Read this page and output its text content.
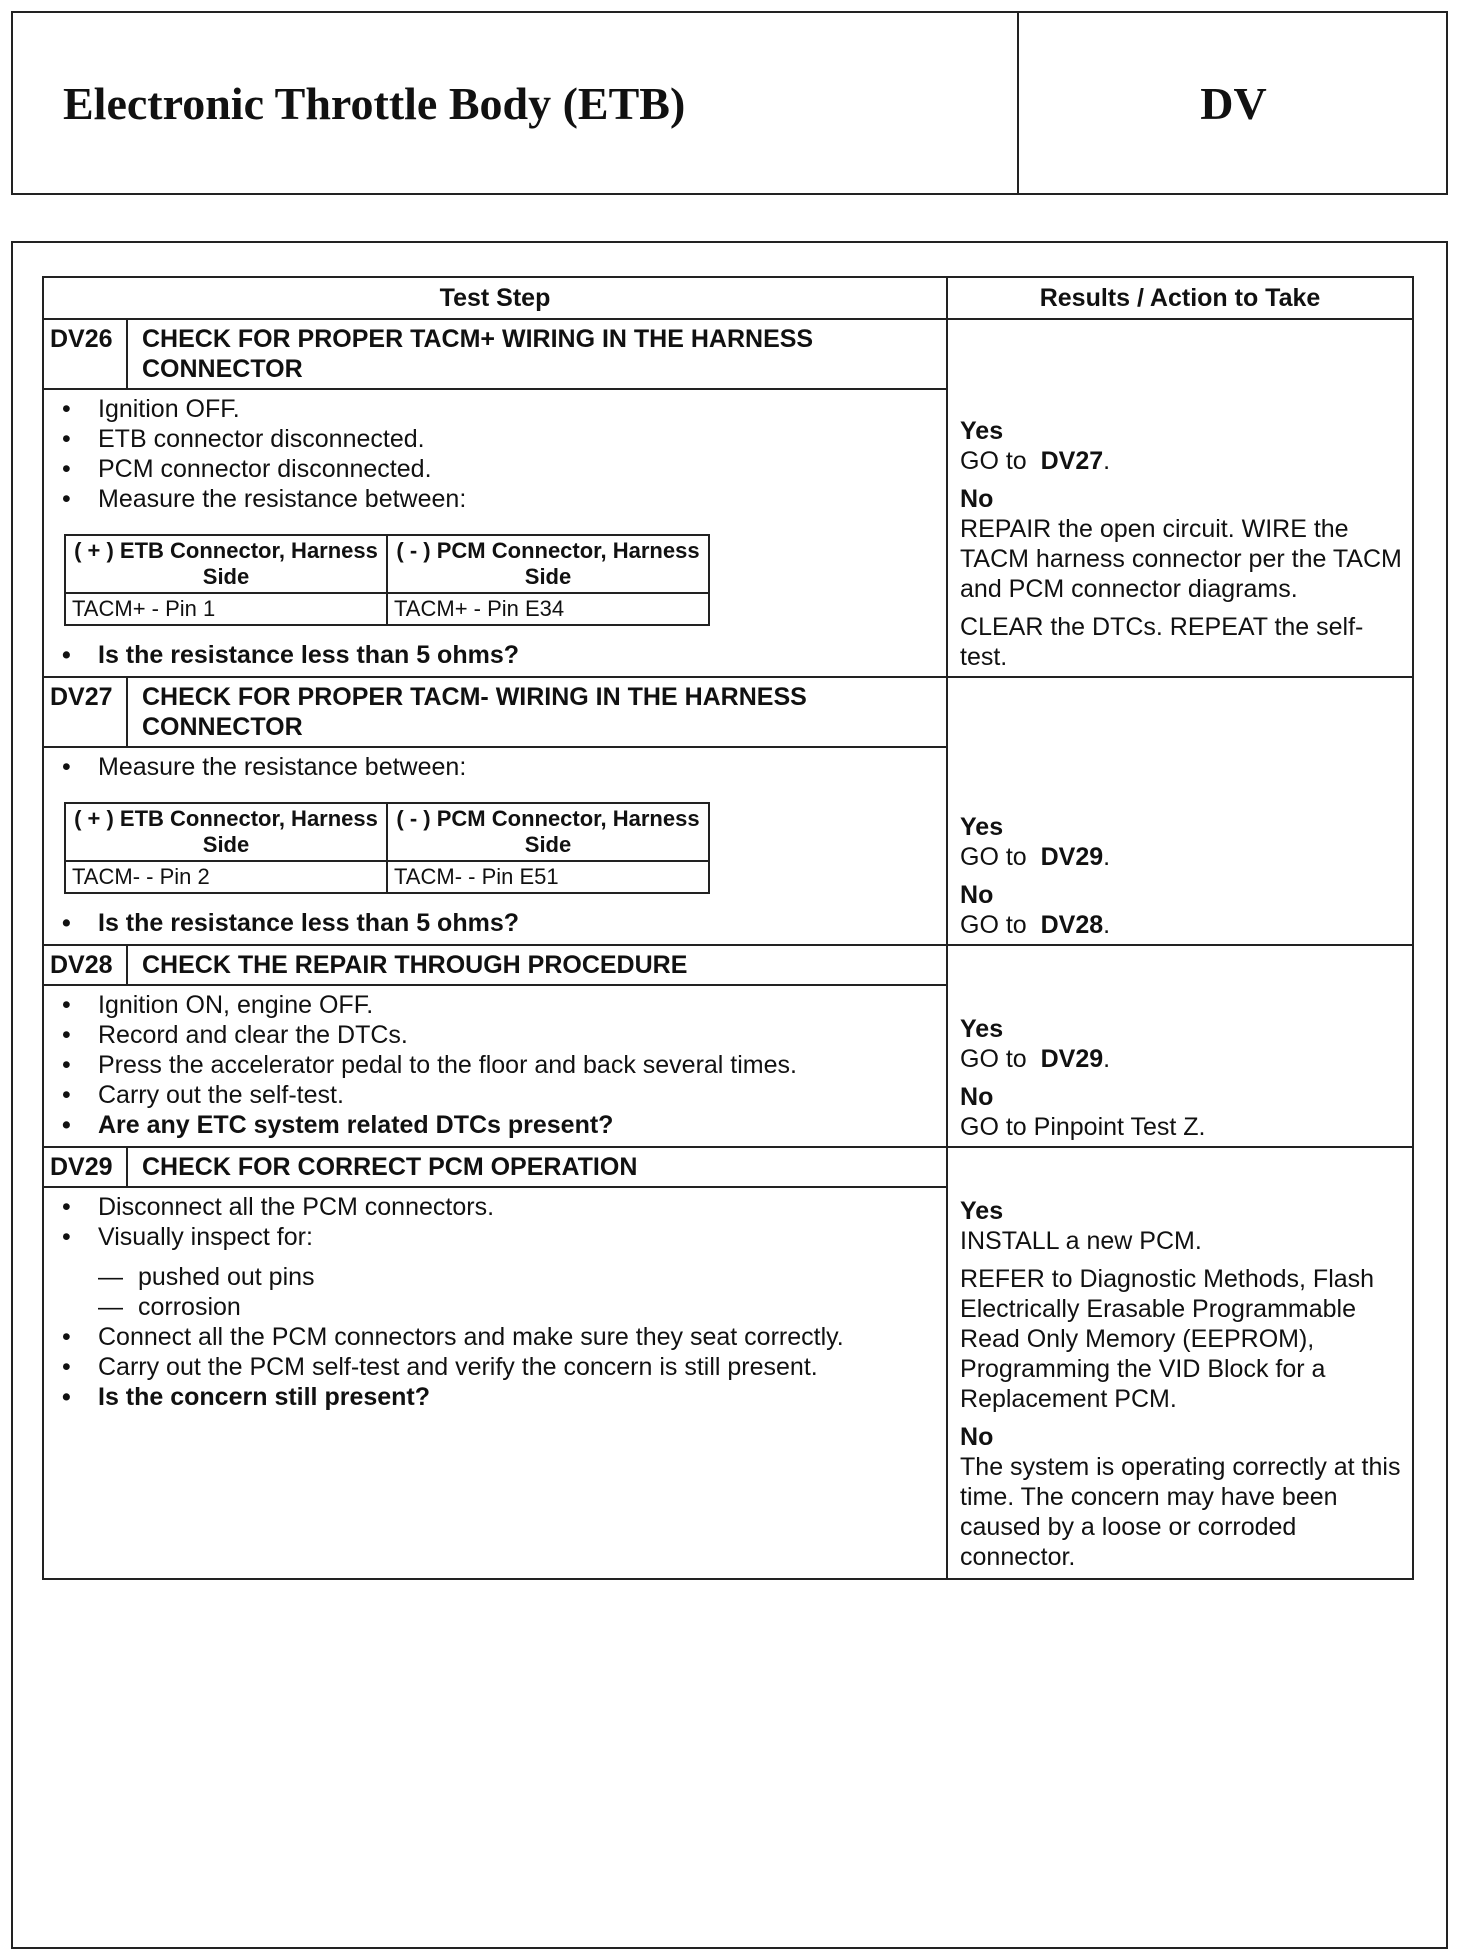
Electronic Throttle Body (ETB)	DV
Test Step	Results / Action to Take
DV26	CHECK FOR PROPER TACM+ WIRING IN THE HARNESS CONNECTOR	
Yes
GO to DV27.
No
REPAIR the open circuit. WIRE the TACM harness connector per the TACM and PCM connector diagrams.
CLEAR the DTCs. REPEAT the self-test.

• Ignition OFF.
• ETB connector disconnected.
• PCM connector disconnected.
• Measure the resistance between:
( + ) ETB Connector, Harness Side	( - ) PCM Connector, Harness Side
TACM+ - Pin 1	TACM+ - Pin E34
• Is the resistance less than 5 ohms?

DV27	CHECK FOR PROPER TACM- WIRING IN THE HARNESS CONNECTOR	
Yes
GO to DV29.
No
GO to DV28.

• Measure the resistance between:
( + ) ETB Connector, Harness Side	( - ) PCM Connector, Harness Side
TACM- - Pin 2	TACM- - Pin E51
• Is the resistance less than 5 ohms?

DV28	CHECK THE REPAIR THROUGH PROCEDURE	
Yes
GO to DV29.
No
GO to Pinpoint Test Z.

• Ignition ON, engine OFF.
• Record and clear the DTCs.
• Press the accelerator pedal to the floor and back several times.
• Carry out the self-test.
• Are any ETC system related DTCs present?

DV29	CHECK FOR CORRECT PCM OPERATION	
Yes
INSTALL a new PCM.
REFER to Diagnostic Methods, Flash Electrically Erasable Programmable Read Only Memory (EEPROM), Programming the VID Block for a Replacement PCM.
No
The system is operating correctly at this time. The concern may have been caused by a loose or corroded connector.

• Disconnect all the PCM connectors.
• Visually inspect for:
— pushed out pins
— corrosion
• Connect all the PCM connectors and make sure they seat correctly.
• Carry out the PCM self-test and verify the concern is still present.
• Is the concern still present?
